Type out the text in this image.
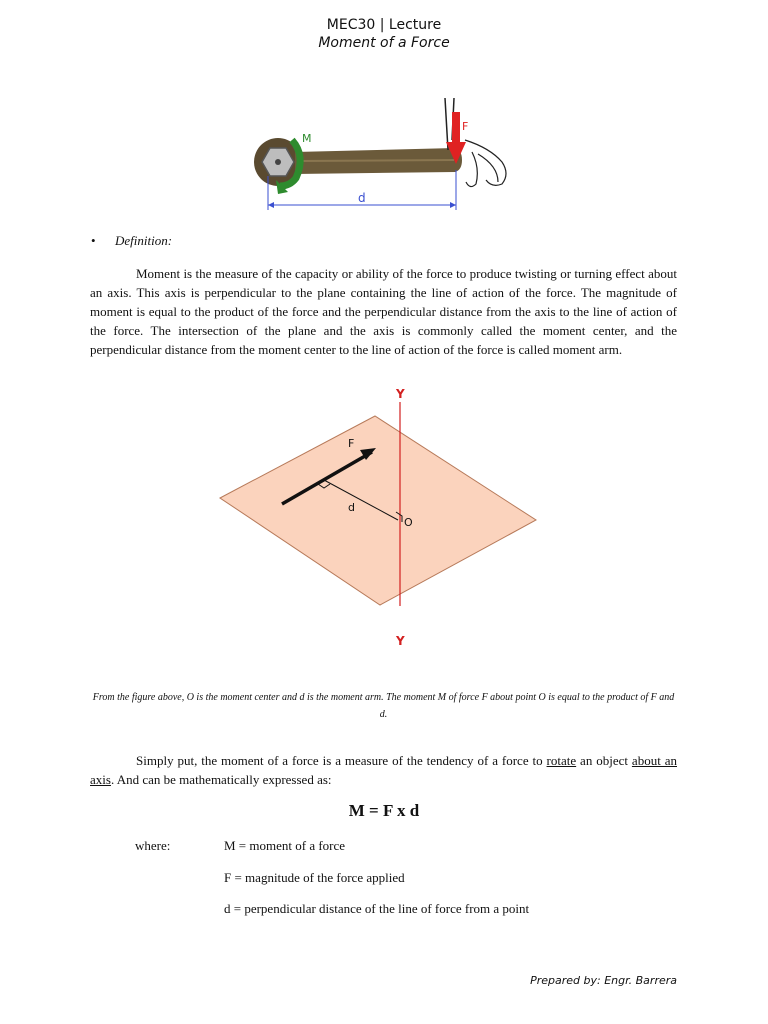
MEC30 | Lecture
Moment of a Force
M
F
d
• Definition:
Moment is the measure of the capacity or ability of the force to produce twisting or turning effect about an axis. This axis is perpendicular to the plane containing the line of action of the force. The magnitude of moment is equal to the product of the force and the perpendicular distance from the axis to the line of action of the force. The intersection of the plane and the axis is commonly called the moment center, and the perpendicular distance from the moment center to the line of action of the force is called moment arm.
Y
Y
F
d
O
From the figure above, O is the moment center and d is the moment arm. The moment M of force F about point O is equal to the product of F and d.
Simply put, the moment of a force is a measure of the tendency of a force to rotate an object about an axis. And can be mathematically expressed as:
M = F x d
where:	M = moment of a force
F = magnitude of the force applied
d = perpendicular distance of the line of force from a point
Prepared by: Engr. Barrera
